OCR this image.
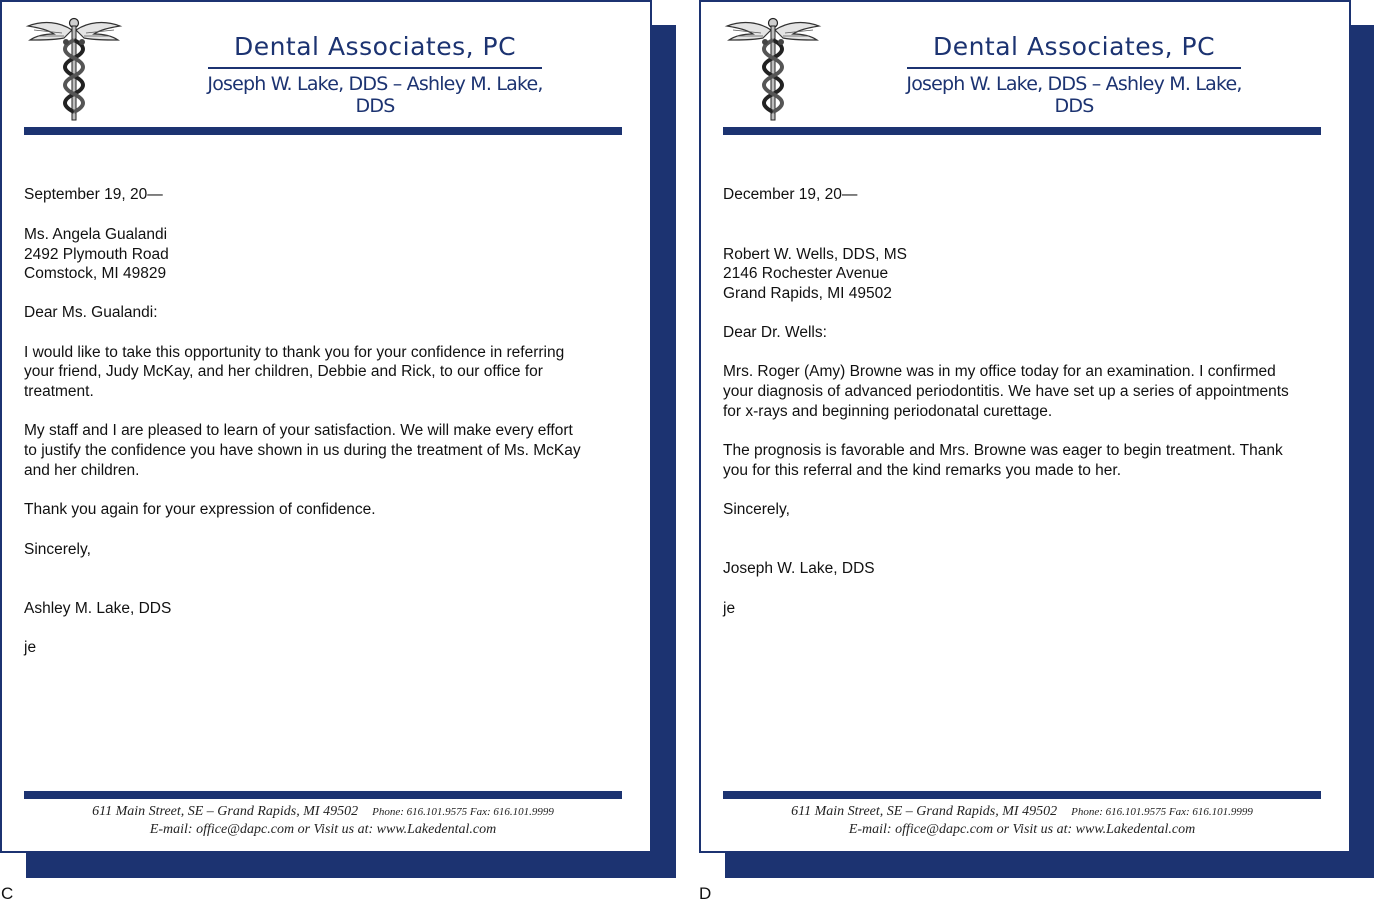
Dental Associates, PC
Joseph W. Lake, DDS – Ashley M. Lake, DDS
September 19, 20—
Ms. Angela Gualandi
2492 Plymouth Road
Comstock, MI 49829
Dear Ms. Gualandi:
I would like to take this opportunity to thank you for your confidence in referring
your friend, Judy McKay, and her children, Debbie and Rick, to our office for
treatment.
My staff and I are pleased to learn of your satisfaction. We will make every effort
to justify the confidence you have shown in us during the treatment of Ms. McKay
and her children.
Thank you again for your expression of confidence.
Sincerely,
Ashley M. Lake, DDS
je
611 Main Street, SE – Grand Rapids, MI 49502 Phone: 616.101.9575 Fax: 616.101.9999
E-mail: office@dapc.com or Visit us at: www.Lakedental.com
C
Dental Associates, PC
Joseph W. Lake, DDS – Ashley M. Lake, DDS
December 19, 20—
Robert W. Wells, DDS, MS
2146 Rochester Avenue
Grand Rapids, MI 49502
Dear Dr. Wells:
Mrs. Roger (Amy) Browne was in my office today for an examination. I confirmed
your diagnosis of advanced periodontitis. We have set up a series of appointments
for x-rays and beginning periodonatal curettage.
The prognosis is favorable and Mrs. Browne was eager to begin treatment. Thank
you for this referral and the kind remarks you made to her.
Sincerely,
Joseph W. Lake, DDS
je
611 Main Street, SE – Grand Rapids, MI 49502 Phone: 616.101.9575 Fax: 616.101.9999
E-mail: office@dapc.com or Visit us at: www.Lakedental.com
D
